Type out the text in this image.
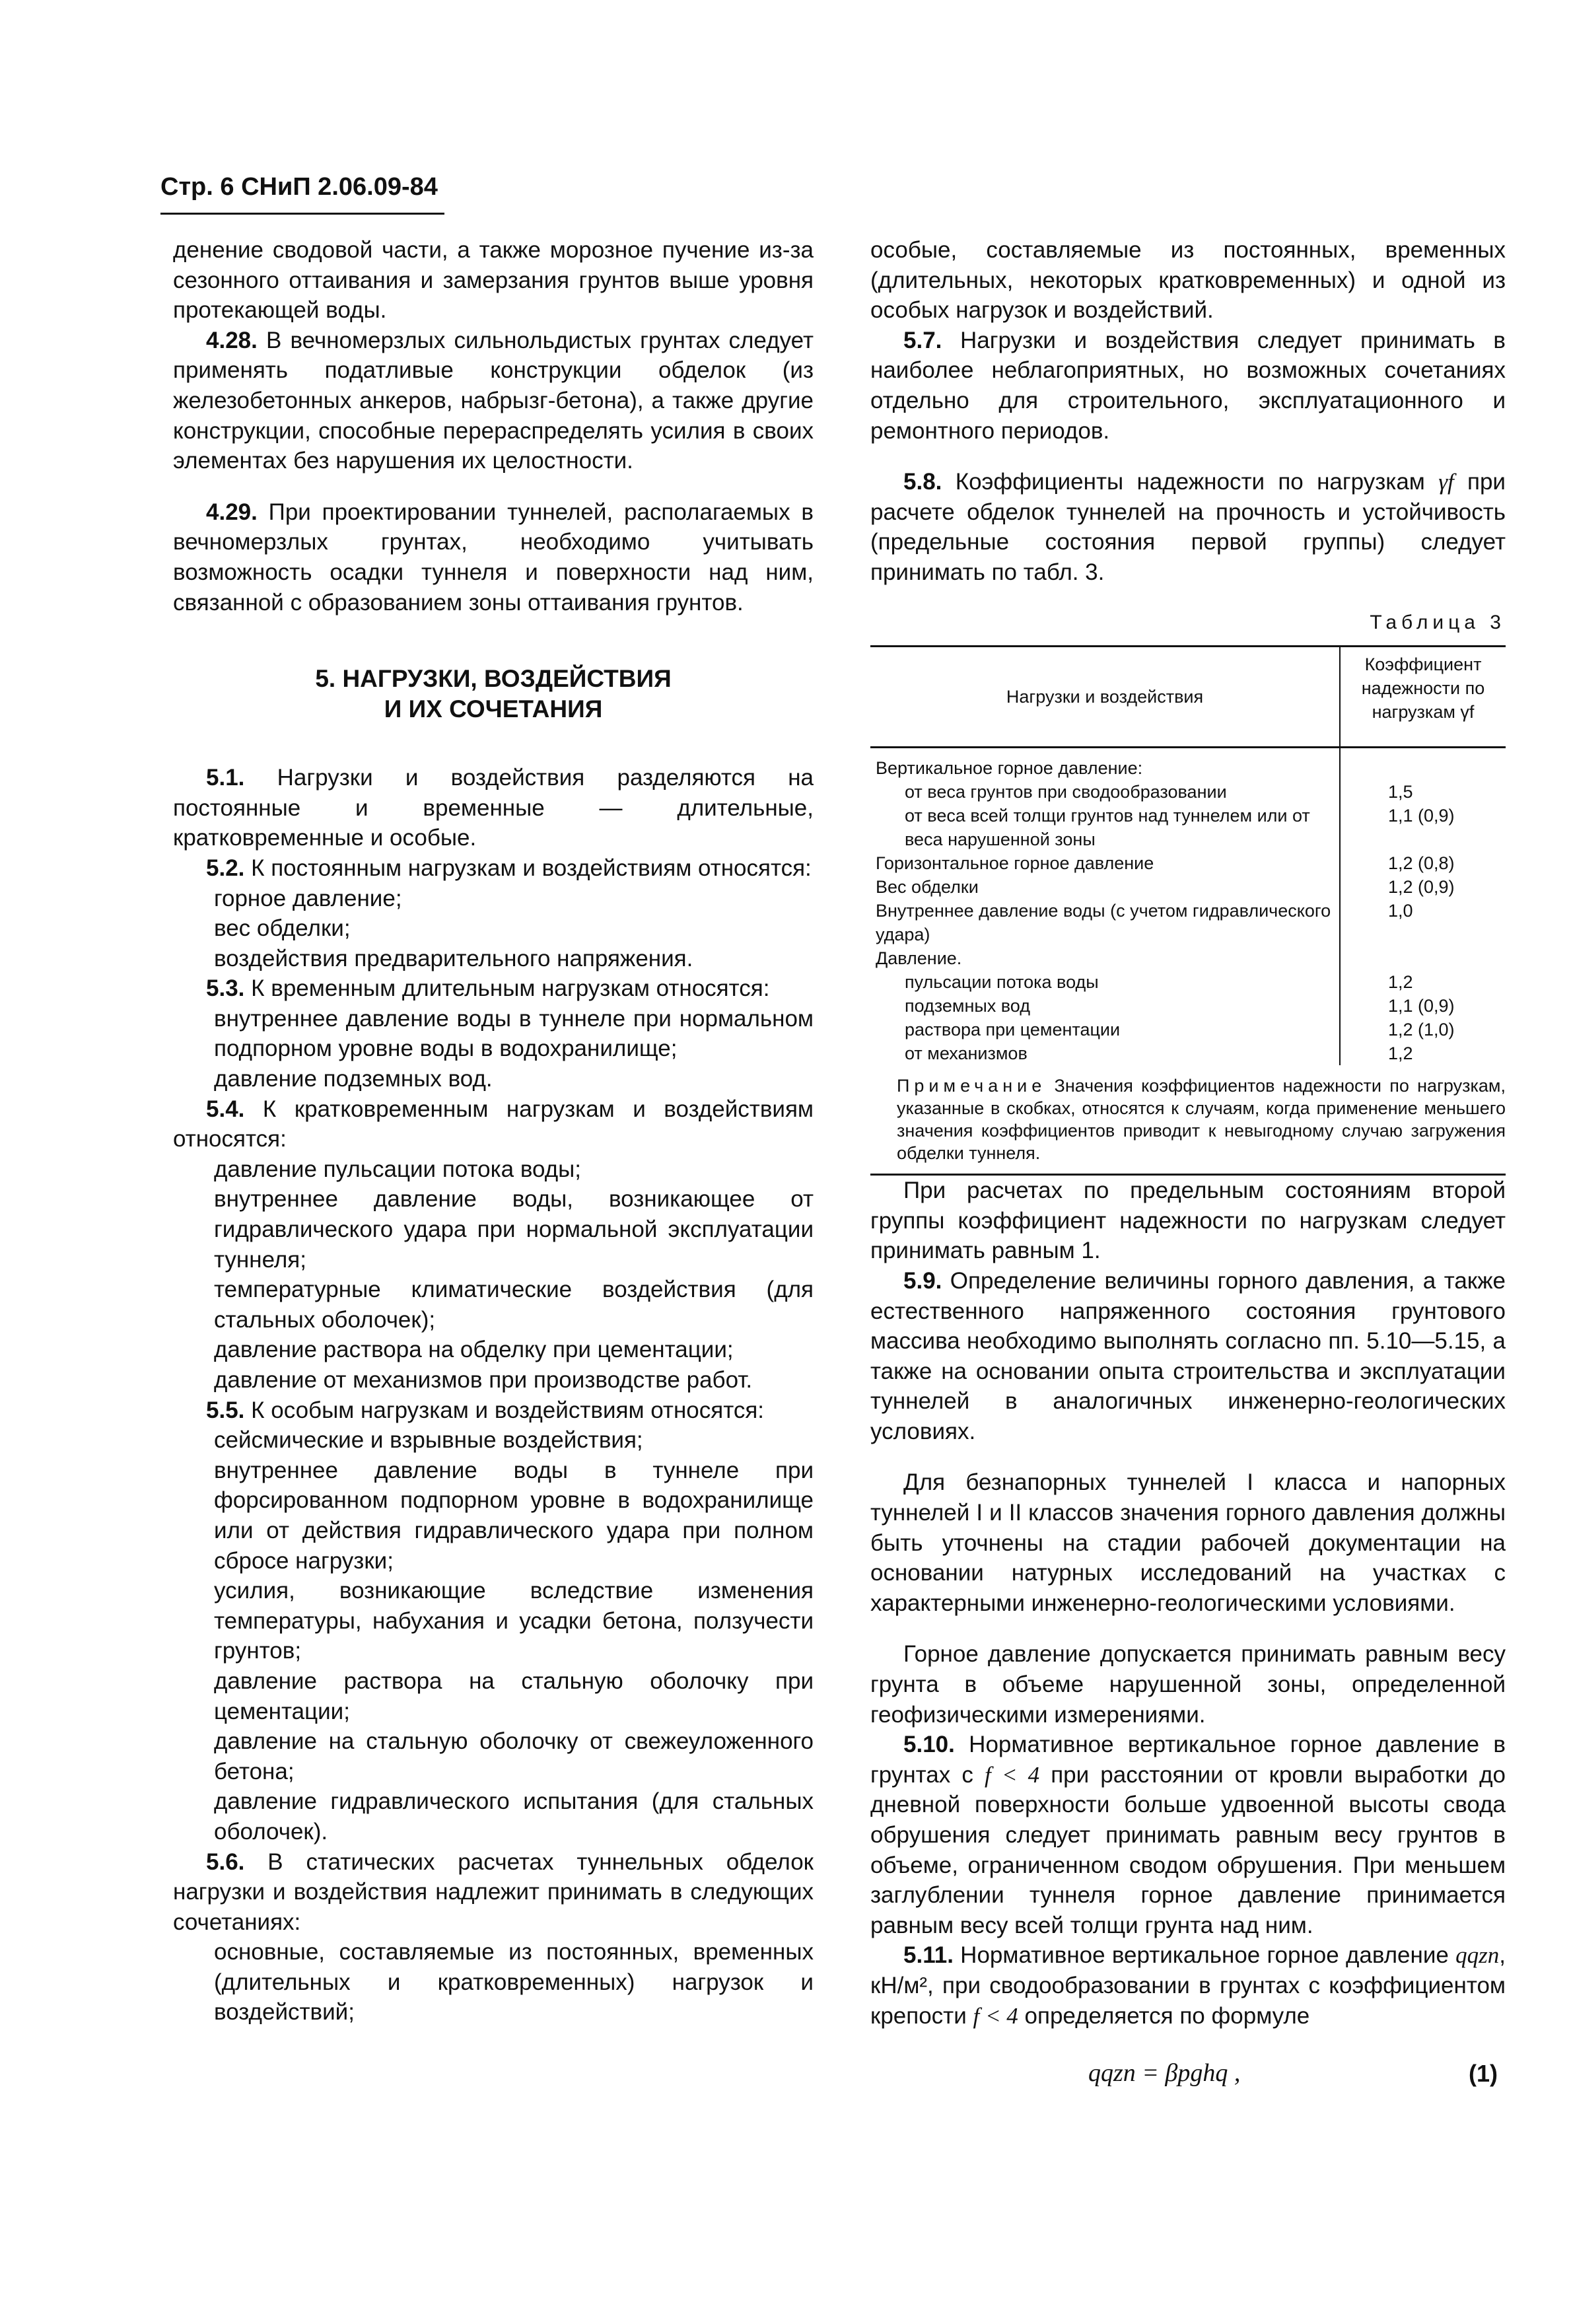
Стр. 6 СНиП 2.06.09-84

денение сводовой части, а также морозное пучение из-за сезонного оттаивания и замерзания грунтов выше уровня протекающей воды.

4.28. В вечномерзлых сильнольдистых грунтах следует применять податливые конструкции обделок (из железобетонных анкеров, набрызг-бетона), а также другие конструкции, способные перераспределять усилия в своих элементах без нарушения их целостности.

4.29. При проектировании туннелей, располагаемых в вечномерзлых грунтах, необходимо учитывать возможность осадки туннеля и поверхности над ним, связанной с образованием зоны оттаивания грунтов.

5. НАГРУЗКИ, ВОЗДЕЙСТВИЯ
И ИХ СОЧЕТАНИЯ

5.1. Нагрузки и воздействия разделяются на постоянные и временные — длительные, кратковременные и особые.

5.2. К постоянным нагрузкам и воздействиям относятся:

горное давление;

вес обделки;

воздействия предварительного напряжения.

5.3. К временным длительным нагрузкам относятся:

внутреннее давление воды в туннеле при нормальном подпорном уровне воды в водохранилище;

давление подземных вод.

5.4. К кратковременным нагрузкам и воздействиям относятся:

давление пульсации потока воды;

внутреннее давление воды, возникающее от гидравлического удара при нормальной эксплуатации туннеля;

температурные климатические воздействия (для стальных оболочек);

давление раствора на обделку при цементации;

давление от механизмов при производстве работ.

5.5. К особым нагрузкам и воздействиям относятся:

сейсмические и взрывные воздействия;

внутреннее давление воды в туннеле при форсированном подпорном уровне в водохранилище или от действия гидравлического удара при полном сбросе нагрузки;

усилия, возникающие вследствие изменения температуры, набухания и усадки бетона, ползучести грунтов;

давление раствора на стальную оболочку при цементации;

давление на стальную оболочку от свежеуложенного бетона;

давление гидравлического испытания (для стальных оболочек).

5.6. В статических расчетах туннельных обделок нагрузки и воздействия надлежит принимать в следующих сочетаниях:

основные, составляемые из постоянных, временных (длительных и кратковременных) нагрузок и воздействий;

особые, составляемые из постоянных, временных (длительных, некоторых кратковременных) и одной из особых нагрузок и воздействий.

5.7. Нагрузки и воздействия следует принимать в наиболее неблагоприятных, но возможных сочетаниях отдельно для строительного, эксплуатационного и ремонтного периодов.

5.8. Коэффициенты надежности по нагрузкам γf при расчете обделок туннелей на прочность и устойчивость (предельные состояния первой группы) следует принимать по табл. 3.

Таблица 3
Нагрузки и воздействия	Коэффициент надежности по нагрузкам γf
Вертикальное горное давление:	
от веса грунтов при сводообразовании	1,5
от веса всей толщи грунтов над туннелем или от веса нарушенной зоны	1,1 (0,9)
Горизонтальное горное давление	1,2 (0,8)
Вес обделки	1,2 (0,9)
Внутреннее давление воды (с учетом гидравлического удара)	1,0
Давление.	
пульсации потока воды	1,2
подземных вод	1,1 (0,9)
раствора при цементации	1,2 (1,0)
от механизмов	1,2
Примечание Значения коэффициентов надежности по нагрузкам, указанные в скобках, относятся к случаям, когда применение меньшего значения коэффициентов приводит к невыгодному случаю загружения обделки туннеля.

При расчетах по предельным состояниям второй группы коэффициент надежности по нагрузкам следует принимать равным 1.

5.9. Определение величины горного давления, а также естественного напряженного состояния грунтового массива необходимо выполнять согласно пп. 5.10—5.15, а также на основании опыта строительства и эксплуатации туннелей в аналогичных инженерно-геологических условиях.

Для безнапорных туннелей I класса и напорных туннелей I и II классов значения горного давления должны быть уточнены на стадии рабочей документации на основании натурных исследований на участках с характерными инженерно-геологическими условиями.

Горное давление допускается принимать равным весу грунта в объеме нарушенной зоны, определенной геофизическими измерениями.

5.10. Нормативное вертикальное горное давление в грунтах с f < 4 при расстоянии от кровли выработки до дневной поверхности больше удвоенной высоты свода обрушения следует принимать равным весу грунтов в объеме, ограниченном сводом обрушения. При меньшем заглублении туннеля горное давление принимается равным весу всей толщи грунта над ним.

5.11. Нормативное вертикальное горное давление qqzn, кН/м², при сводообразовании в грунтах с коэффициентом крепости f < 4 определяется по формуле

qqzn = βpghq ,	(1)
